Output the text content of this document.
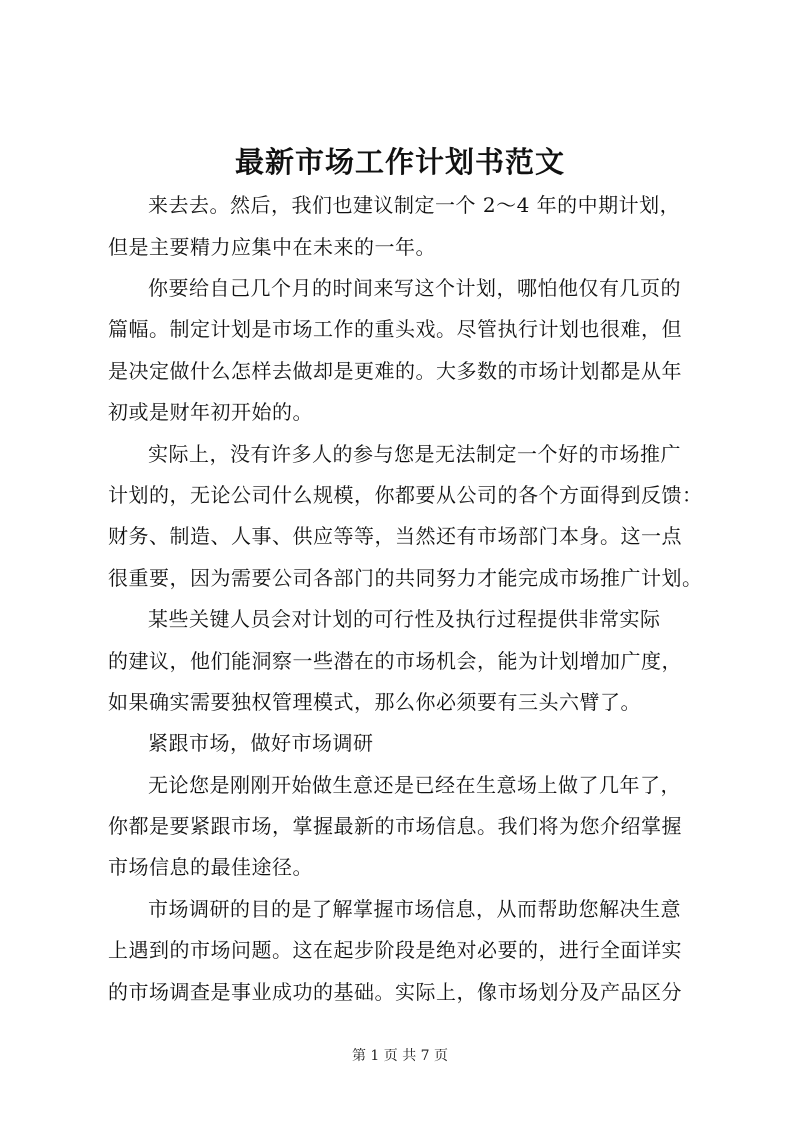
最新市场工作计划书范文

来去去。然后，我们也建议制定一个 2～4 年的中期计划，

但是主要精力应集中在未来的一年。

你要给自己几个月的时间来写这个计划，哪怕他仅有几页的

篇幅。制定计划是市场工作的重头戏。尽管执行计划也很难，但

是决定做什么怎样去做却是更难的。大多数的市场计划都是从年

初或是财年初开始的。

实际上，没有许多人的参与您是无法制定一个好的市场推广

计划的，无论公司什么规模，你都要从公司的各个方面得到反馈：

财务、制造、人事、供应等等，当然还有市场部门本身。这一点

很重要，因为需要公司各部门的共同努力才能完成市场推广计划。

某些关键人员会对计划的可行性及执行过程提供非常实际

的建议，他们能洞察一些潜在的市场机会，能为计划增加广度，

如果确实需要独权管理模式，那么你必须要有三头六臂了。

紧跟市场，做好市场调研

无论您是刚刚开始做生意还是已经在生意场上做了几年了，

你都是要紧跟市场，掌握最新的市场信息。我们将为您介绍掌握

市场信息的最佳途径。

市场调研的目的是了解掌握市场信息，从而帮助您解决生意

上遇到的市场问题。这在起步阶段是绝对必要的，进行全面详实

的市场调查是事业成功的基础。实际上，像市场划分及产品区分

第 1 页 共 7 页
